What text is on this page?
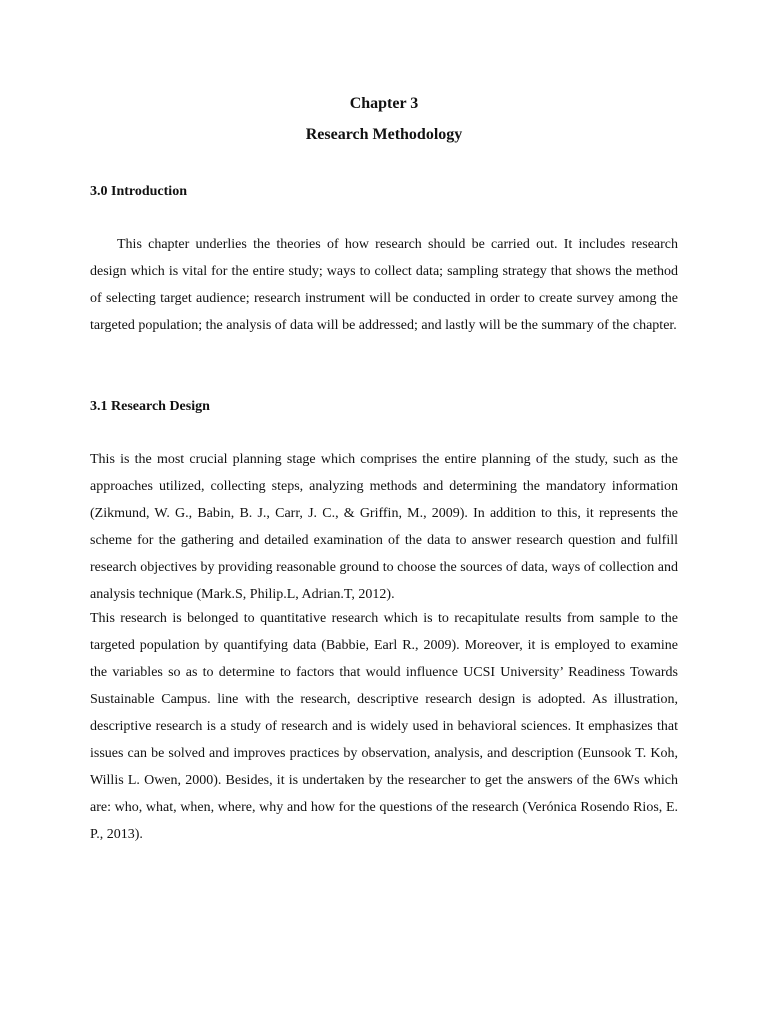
Chapter 3
Research Methodology
3.0 Introduction

This chapter underlies the theories of how research should be carried out. It includes research design which is vital for the entire study; ways to collect data; sampling strategy that shows the method of selecting target audience; research instrument will be conducted in order to create survey among the targeted population; the analysis of data will be addressed; and lastly will be the summary of the chapter.

3.1 Research Design

This is the most crucial planning stage which comprises the entire planning of the study, such as the approaches utilized, collecting steps, analyzing methods and determining the mandatory information (Zikmund, W. G., Babin, B. J., Carr, J. C., & Griffin, M., 2009). In addition to this, it represents the scheme for the gathering and detailed examination of the data to answer research question and fulfill research objectives by providing reasonable ground to choose the sources of data, ways of collection and analysis technique (Mark.S, Philip.L, Adrian.T, 2012).

This research is belonged to quantitative research which is to recapitulate results from sample to the targeted population by quantifying data (Babbie, Earl R., 2009). Moreover, it is employed to examine the variables so as to determine to factors that would influence UCSI University’ Readiness Towards Sustainable Campus. line with the research, descriptive research design is adopted. As illustration, descriptive research is a study of research and is widely used in behavioral sciences. It emphasizes that issues can be solved and improves practices by observation, analysis, and description (Eunsook T. Koh, Willis L. Owen, 2000). Besides, it is undertaken by the researcher to get the answers of the 6Ws which are: who, what, when, where, why and how for the questions of the research (Verónica Rosendo Rios, E. P., 2013).
